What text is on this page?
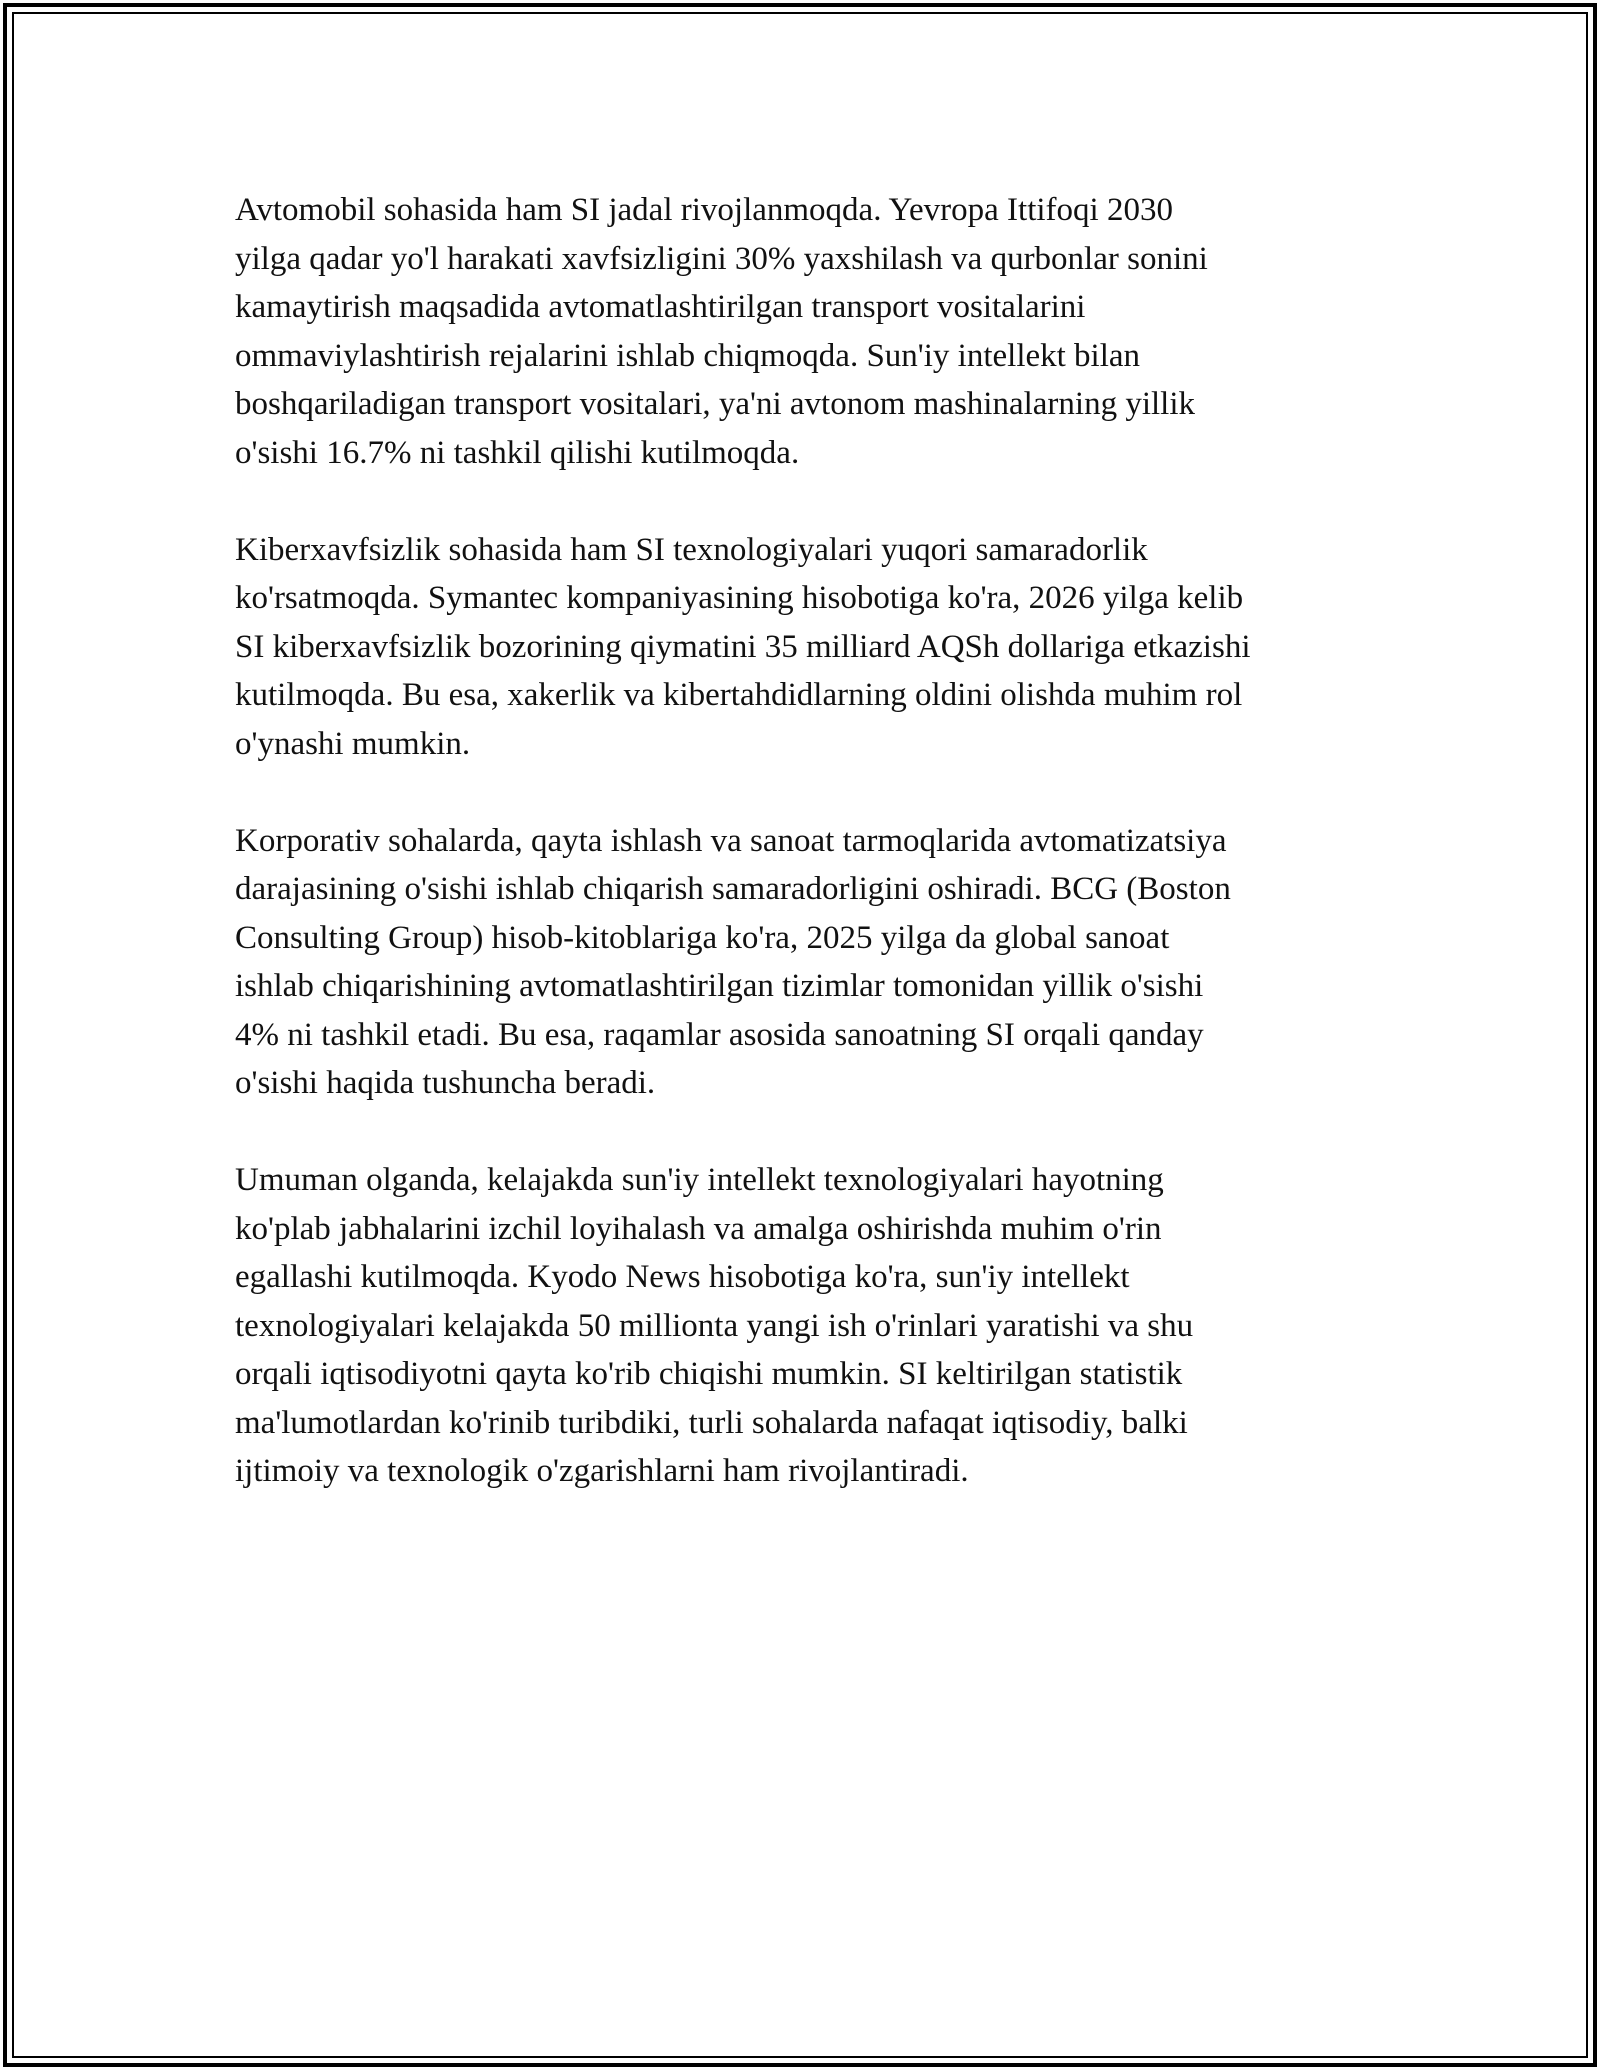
Avtomobil sohasida ham SI jadal rivojlanmoqda. Yevropa Ittifoqi 2030
yilga qadar yo'l harakati xavfsizligini 30% yaxshilash va qurbonlar sonini
kamaytirish maqsadida avtomatlashtirilgan transport vositalarini
ommaviylashtirish rejalarini ishlab chiqmoqda. Sun'iy intellekt bilan
boshqariladigan transport vositalari, ya'ni avtonom mashinalarning yillik
o'sishi 16.7% ni tashkil qilishi kutilmoqda.

Kiberxavfsizlik sohasida ham SI texnologiyalari yuqori samaradorlik
ko'rsatmoqda. Symantec kompaniyasining hisobotiga ko'ra, 2026 yilga kelib
SI kiberxavfsizlik bozorining qiymatini 35 milliard AQSh dollariga etkazishi
kutilmoqda. Bu esa, xakerlik va kibertahdidlarning oldini olishda muhim rol
o'ynashi mumkin.

Korporativ sohalarda, qayta ishlash va sanoat tarmoqlarida avtomatizatsiya
darajasining o'sishi ishlab chiqarish samaradorligini oshiradi. BCG (Boston
Consulting Group) hisob-kitoblariga ko'ra, 2025 yilga da global sanoat
ishlab chiqarishining avtomatlashtirilgan tizimlar tomonidan yillik o'sishi
4% ni tashkil etadi. Bu esa, raqamlar asosida sanoatning SI orqali qanday
o'sishi haqida tushuncha beradi.

Umuman olganda, kelajakda sun'iy intellekt texnologiyalari hayotning
ko'plab jabhalarini izchil loyihalash va amalga oshirishda muhim o'rin
egallashi kutilmoqda. Kyodo News hisobotiga ko'ra, sun'iy intellekt
texnologiyalari kelajakda 50 millionta yangi ish o'rinlari yaratishi va shu
orqali iqtisodiyotni qayta ko'rib chiqishi mumkin. SI keltirilgan statistik
ma'lumotlardan ko'rinib turibdiki, turli sohalarda nafaqat iqtisodiy, balki
ijtimoiy va texnologik o'zgarishlarni ham rivojlantiradi.
